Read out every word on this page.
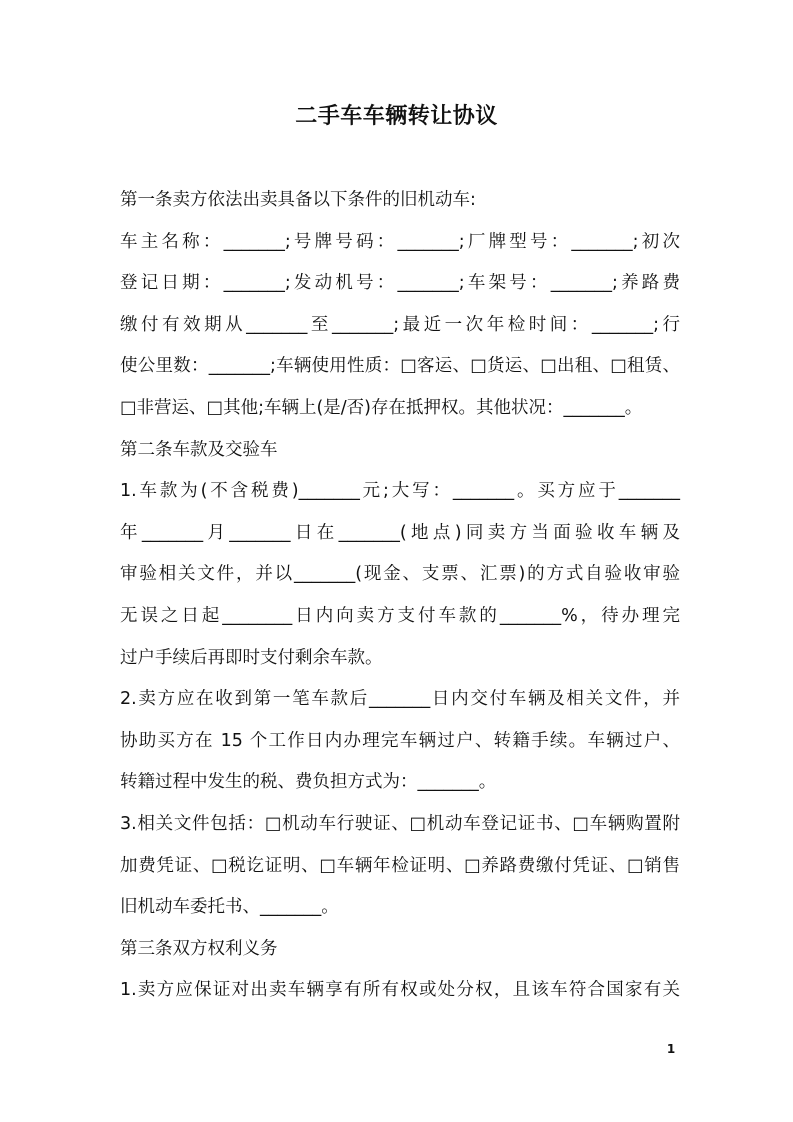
二手车车辆转让协议
第一条卖方依法出卖具备以下条件的旧机动车:
车主名称：_______;号牌号码：_______;厂牌型号：_______;初次
登记日期：_______;发动机号：_______;车架号：_______;养路费
缴付有效期从_______至_______;最近一次年检时间：_______;行
使公里数：_______;车辆使用性质：□客运、□货运、□出租、□租赁、
□非营运、□其他;车辆上(是/否)存在抵押权。其他状况：_______。
第二条车款及交验车
1.车款为(不含税费)_______元;大写：_______。买方应于_______
年_______月_______日在_______(地点)同卖方当面验收车辆及
审验相关文件，并以_______(现金、支票、汇票)的方式自验收审验
无误之日起________日内向卖方支付车款的_______%，待办理完
过户手续后再即时支付剩余车款。
2.卖方应在收到第一笔车款后_______日内交付车辆及相关文件，并
协助买方在 15 个工作日内办理完车辆过户、转籍手续。车辆过户、
转籍过程中发生的税、费负担方式为：_______。
3.相关文件包括：□机动车行驶证、□机动车登记证书、□车辆购置附
加费凭证、□税讫证明、□车辆年检证明、□养路费缴付凭证、□销售
旧机动车委托书、_______。
第三条双方权利义务
1.卖方应保证对出卖车辆享有所有权或处分权，且该车符合国家有关
1
